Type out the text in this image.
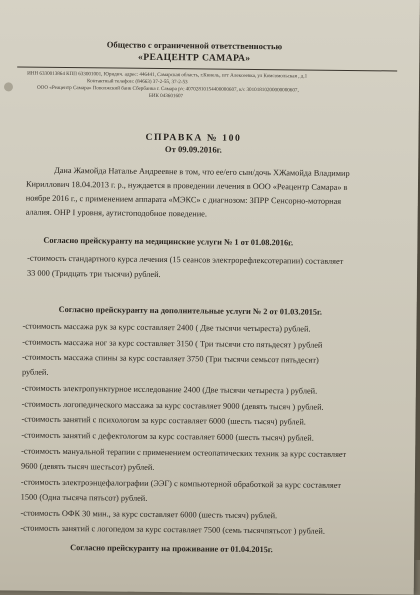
Общество с ограниченной ответственностью
«РЕАЦЕНТР САМАРА»
ИНН 6330013864 КПП 633001001, Юридич. адрес: 446441, Самарская область, г.Кинель, пгт Алексеевка, ул Комсомольская , д.1
Контактный телефон: (84663) 37-2-55, 37-2-53
ООО «Реацентр Самара» Поволжский банк Сбербанка г. Самара р/с 40702810154400000607, к/с 30101810200000000607,
БИК 043601607
СПРАВКА № 100
От 09.09.2016г.
Дана Жамойда Наталье Андреевне в том, что ее/его сын/дочь ХЖамойда Владимир
Кириллович 18.04.2013 г. р., нуждается в проведении лечения в ООО «Реацентр Самара» в
ноябре 2016 г., с применением аппарата «МЭКС» с диагнозом: ЗПРР Сенсорно-моторная
алалия. ОНР I уровня, аутистоподобное поведение.
Согласно прейскуранту на медицинские услуги № 1 от 01.08.2016г.
-стоимость стандартного курса лечения (15 сеансов электрорефлексотерапии) составляет
33 000 (Тридцать три тысячи) рублей.
Согласно прейскуранту на дополнительные услуги № 2 от 01.03.2015г.
-стоимость массажа рук за курс составляет 2400 ( Две тысячи четыреста) рублей.
-стоимость массажа ног за курс составляет 3150 ( Три тысячи сто пятьдесят ) рублей
-стоимость массажа спины за курс составляет 3750 (Три тысячи семьсот пятьдесят)
рублей.
-стоимость электропунктурное исследование 2400 (Две тысячи четыреста ) рублей.
-стоимость логопедического массажа за курс составляет 9000 (девять тысяч ) рублей.
-стоимость занятий с психологом за курс составляет 6000 (шесть тысяч) рублей.
-стоимость занятий с дефектологом за курс составляет 6000 (шесть тысяч) рублей.
-стоимость мануальной терапии с применением остеопатических техник за курс составляет
9600 (девять тысяч шестьсот) рублей.
-стоимость электроэнцефалографии (ЭЭГ) с компьютерной обработкой за курс составляет
1500 (Одна тысяча пятьсот) рублей.
-стоимость ОФК 30 мин., за курс составляет 6000 (шесть тысяч) рублей.
-стоимость занятий с логопедом за курс составляет 7500 (семь тысячпятьсот ) рублей.
Согласно прейскуранту на проживание от 01.04.2015г.
